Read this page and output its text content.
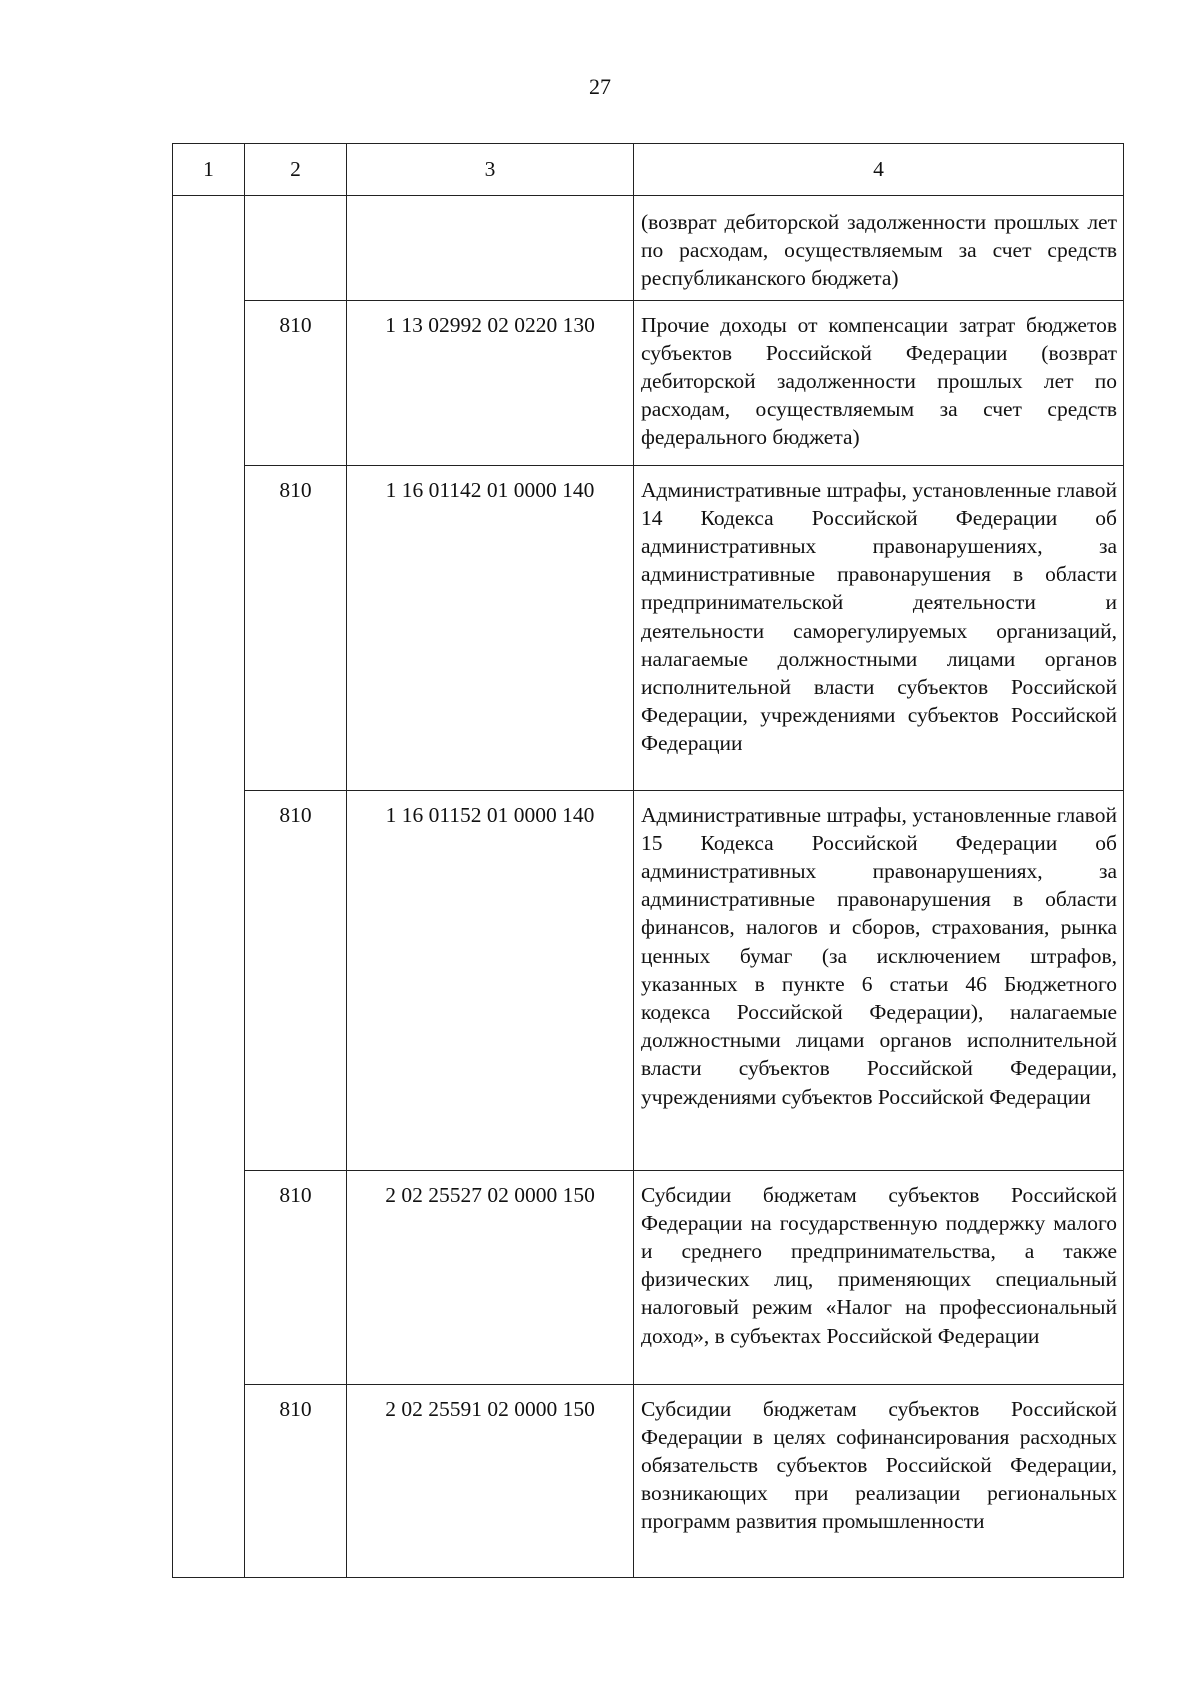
27
1	2	3	4
			(возврат дебиторской задолженности прошлых лет по расходам, осуществляемым за счет средств республиканского бюджета)
	810	1 13 02992 02 0220 130	Прочие доходы от компенсации затрат бюджетов субъектов Российской Федерации (возврат дебиторской задолженности прошлых лет по расходам, осуществляемым за счет средств федерального бюджета)
	810	1 16 01142 01 0000 140	Административные штрафы, установленные главой 14 Кодекса Российской Федерации об административных правонарушениях, за административные правонарушения в области предпринимательской деятельности и деятельности саморегулируемых организаций, налагаемые должностными лицами органов исполнительной власти субъектов Российской Федерации, учреждениями субъектов Российской Федерации
	810	1 16 01152 01 0000 140	Административные штрафы, установленные главой 15 Кодекса Российской Федерации об административных правонарушениях, за административные правонарушения в области финансов, налогов и сборов, страхования, рынка ценных бумаг (за исключением штрафов, указанных в пункте 6 статьи 46 Бюджетного кодекса Российской Федерации), налагаемые должностными лицами органов исполнительной власти субъектов Российской Федерации, учреждениями субъектов Российской Федерации
	810	2 02 25527 02 0000 150	Субсидии бюджетам субъектов Российской Федерации на государственную поддержку малого и среднего предпринимательства, а также физических лиц, применяющих специальный налоговый режим «Налог на профессиональный доход», в субъектах Российской Федерации
	810	2 02 25591 02 0000 150	Субсидии бюджетам субъектов Российской Федерации в целях софинансирования расходных обязательств субъектов Российской Федерации, возникающих при реализации региональных программ развития промышленности
